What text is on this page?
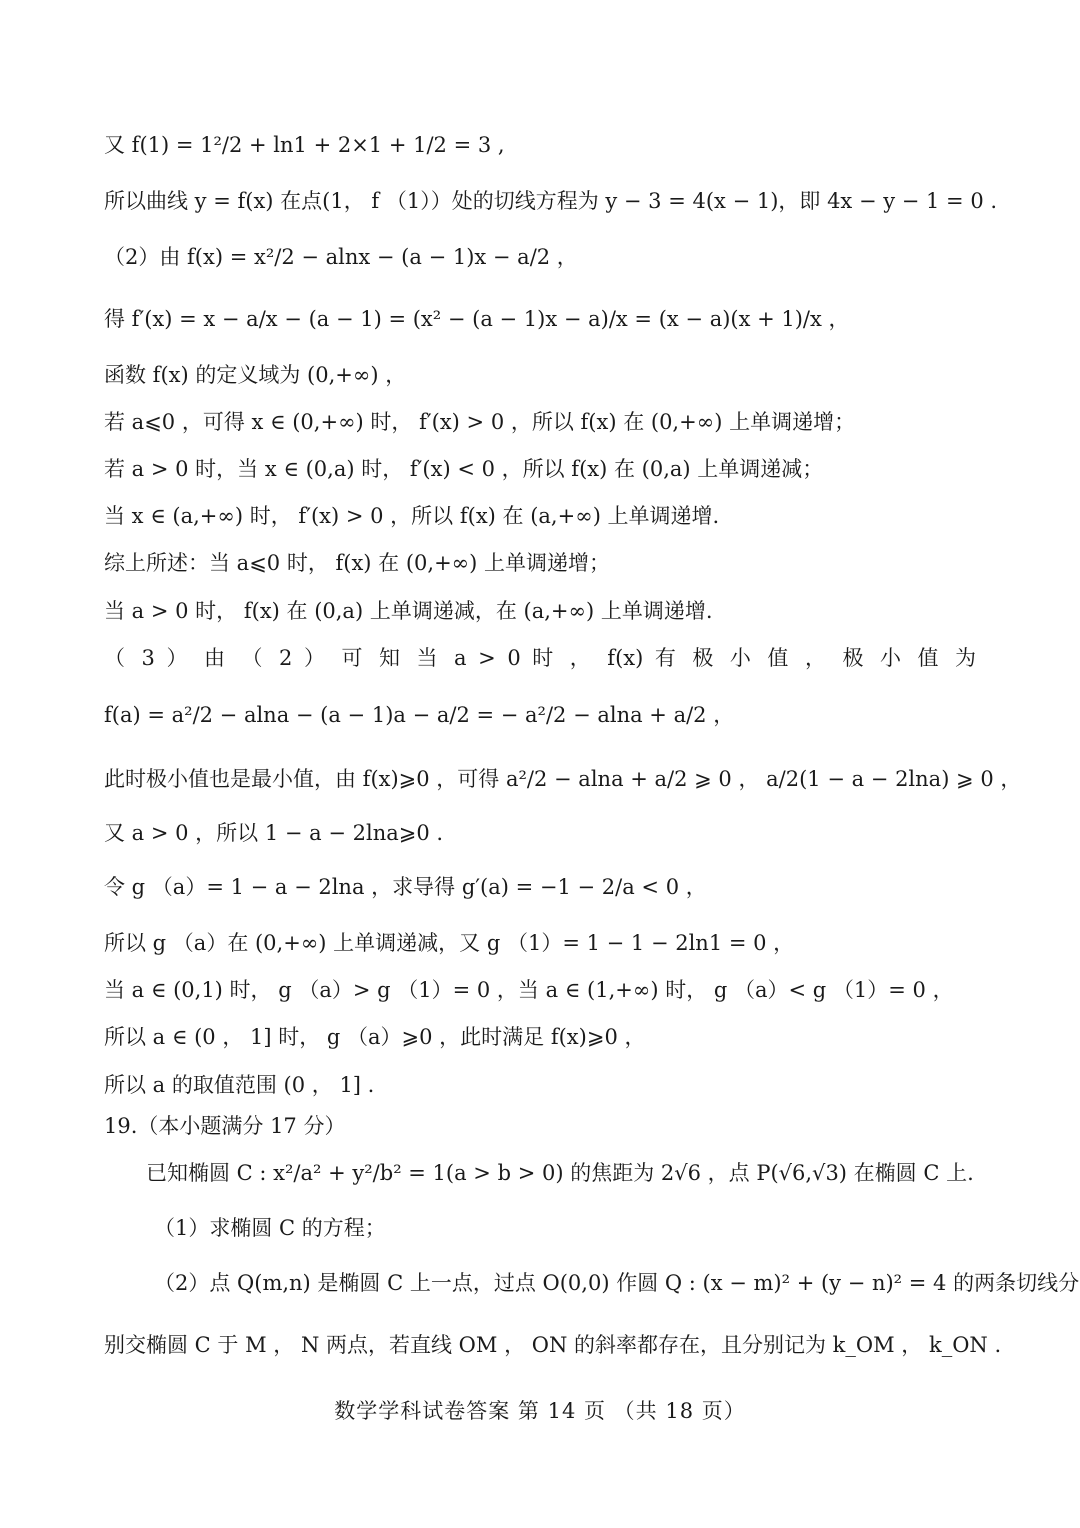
又 f(1) = 1²/2 + ln1 + 2×1 + 1/2 = 3 ,
所以曲线 y = f(x) 在点(1， f （1））处的切线方程为 y − 3 = 4(x − 1)，即 4x − y − 1 = 0 .
（2）由 f(x) = x²/2 − alnx − (a − 1)x − a/2 ，
得 f′(x) = x − a/x − (a − 1) = (x² − (a − 1)x − a)/x = (x − a)(x + 1)/x ，
函数 f(x) 的定义域为 (0,+∞) ，
若 a⩽0 ，可得 x ∈ (0,+∞) 时， f′(x) > 0 ，所以 f(x) 在 (0,+∞) 上单调递增；
若 a > 0 时，当 x ∈ (0,a) 时， f′(x) < 0 ，所以 f(x) 在 (0,a) 上单调递减；
当 x ∈ (a,+∞) 时， f′(x) > 0 ，所以 f(x) 在 (a,+∞) 上单调递增.
综上所述：当 a⩽0 时， f(x) 在 (0,+∞) 上单调递增；
当 a > 0 时， f(x) 在 (0,a) 上单调递减，在 (a,+∞) 上单调递增.
（ 3 ） 由 （ 2 ） 可 知 当 a > 0 时 ， f(x) 有 极 小 值 ， 极 小 值 为
f(a) = a²/2 − alna − (a − 1)a − a/2 = − a²/2 − alna + a/2 ，
此时极小值也是最小值，由 f(x)⩾0 ，可得 a²/2 − alna + a/2 ⩾ 0 ， a/2(1 − a − 2lna) ⩾ 0 ，
又 a > 0 ，所以 1 − a − 2lna⩾0 .
令 g （a）= 1 − a − 2lna ，求导得 g′(a) = −1 − 2/a < 0 ，
所以 g （a）在 (0,+∞) 上单调递减，又 g （1）= 1 − 1 − 2ln1 = 0 ，
当 a ∈ (0,1) 时， g （a）> g （1）= 0 ，当 a ∈ (1,+∞) 时， g （a）< g （1）= 0 ，
所以 a ∈ (0 ， 1] 时， g （a）⩾0 ，此时满足 f(x)⩾0 ，
所以 a 的取值范围 (0 ， 1] .
19.（本小题满分 17 分）
已知椭圆 C : x²/a² + y²/b² = 1(a > b > 0) 的焦距为 2√6 ，点 P(√6,√3) 在椭圆 C 上.
（1）求椭圆 C 的方程；
（2）点 Q(m,n) 是椭圆 C 上一点，过点 O(0,0) 作圆 Q : (x − m)² + (y − n)² = 4 的两条切线分
别交椭圆 C 于 M ， N 两点，若直线 OM ， ON 的斜率都存在，且分别记为 k_OM ， k_ON .
数学学科试卷答案 第 14 页 （共 18 页）
